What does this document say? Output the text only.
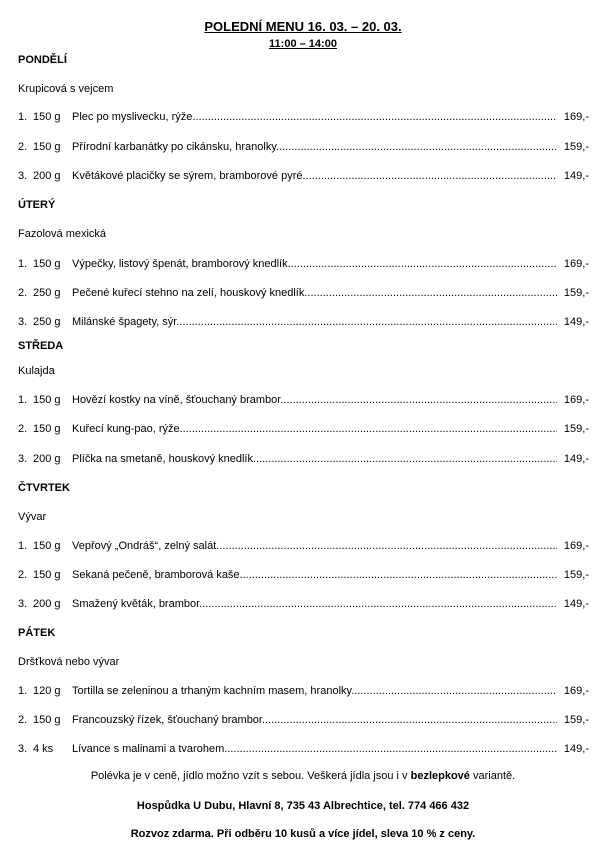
POLEDNÍ MENU 16. 03. – 20. 03.
11:00 – 14:00
PONDĚLÍ
Krupicová s vejcem
1. 150 g Plec po myslivecku, rýže .....	169,-
2. 150 g Přírodní karbanátky po cikánsku, hranolky .....	159,-
3. 200 g Květákové placičky se sýrem, bramborové pyré .....	149,-
ÚTERÝ
Fazolová mexická
1. 150 g Výpečky, listový špenát, bramborový knedlík .....	169,-
2. 250 g Pečené kuřecí stehno na zelí, houskový knedlík .....	159,-
3. 250 g Milánské špagety, sýr .....	149,-
STŘEDA
Kulajda
1. 150 g Hovězí kostky na víně, šťouchaný brambor .....	169,-
2. 150 g Kuřecí kung-pao, rýže .....	159,-
3. 200 g Plíčka na smetaně, houskový knedlík .....	149,-
ČTVRTEK
Vývar
1. 150 g Vepřový „Ondráš“, zelný salát .....	169,-
2. 150 g Sekaná pečeně, bramborová kaše .....	159,-
3. 200 g Smažený květák, brambor .....	149,-
PÁTEK
Dršťková nebo vývar
1. 120 g Tortilla se zeleninou a trhaným kachním masem, hranolky .....	169,-
2. 150 g Francouzský řízek, šťouchaný brambor .....	159,-
3. 4 ks Lívance s malinami a tvarohem .....	149,-
Polévka je v ceně, jídlo možno vzít s sebou. Veškerá jídla jsou i v bezlepkové variantě.
Hospůdka U Dubu, Hlavní 8, 735 43 Albrechtice, tel. 774 466 432
Rozvoz zdarma. Při odběru 10 kusů a více jídel, sleva 10 % z ceny.
